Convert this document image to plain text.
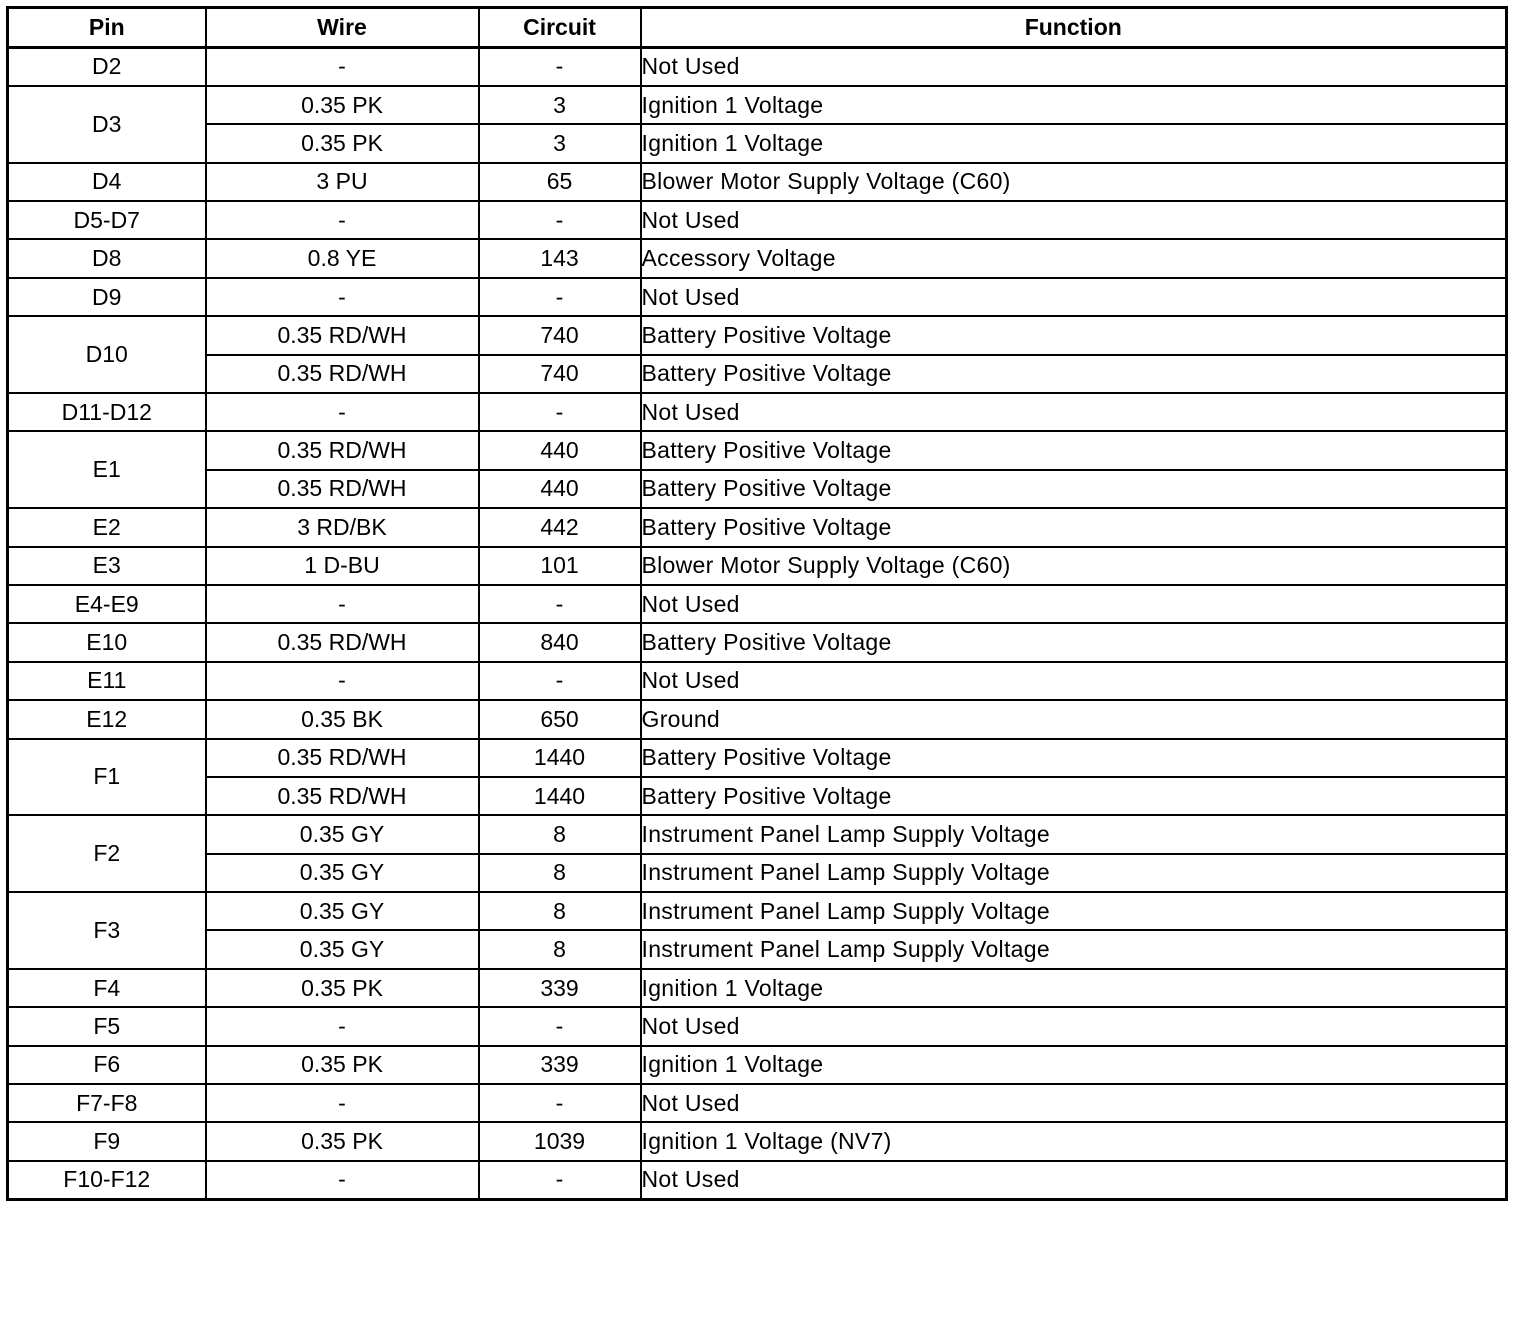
Pin	Wire	Circuit	Function
D2	-	-	Not Used
D3	0.35 PK	3	Ignition 1 Voltage
	0.35 PK	3	Ignition 1 Voltage
D4	3 PU	65	Blower Motor Supply Voltage (C60)
D5-D7	-	-	Not Used
D8	0.8 YE	143	Accessory Voltage
D9	-	-	Not Used
D10	0.35 RD/WH	740	Battery Positive Voltage
	0.35 RD/WH	740	Battery Positive Voltage
D11-D12	-	-	Not Used
E1	0.35 RD/WH	440	Battery Positive Voltage
	0.35 RD/WH	440	Battery Positive Voltage
E2	3 RD/BK	442	Battery Positive Voltage
E3	1 D-BU	101	Blower Motor Supply Voltage (C60)
E4-E9	-	-	Not Used
E10	0.35 RD/WH	840	Battery Positive Voltage
E11	-	-	Not Used
E12	0.35 BK	650	Ground
F1	0.35 RD/WH	1440	Battery Positive Voltage
	0.35 RD/WH	1440	Battery Positive Voltage
F2	0.35 GY	8	Instrument Panel Lamp Supply Voltage
	0.35 GY	8	Instrument Panel Lamp Supply Voltage
F3	0.35 GY	8	Instrument Panel Lamp Supply Voltage
	0.35 GY	8	Instrument Panel Lamp Supply Voltage
F4	0.35 PK	339	Ignition 1 Voltage
F5	-	-	Not Used
F6	0.35 PK	339	Ignition 1 Voltage
F7-F8	-	-	Not Used
F9	0.35 PK	1039	Ignition 1 Voltage (NV7)
F10-F12	-	-	Not Used
